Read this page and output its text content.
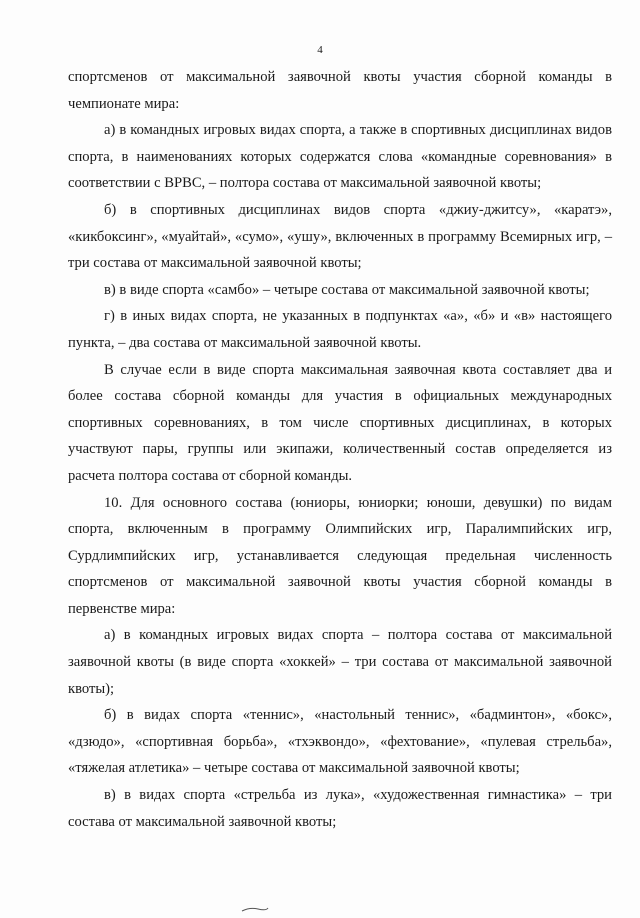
4

спортсменов от максимальной заявочной квоты участия сборной команды в чемпионате мира:

а) в командных игровых видах спорта, а также в спортивных дисциплинах видов спорта, в наименованиях которых содержатся слова «командные соревнования» в соответствии с ВРВС, – полтора состава от максимальной заявочной квоты;

б) в спортивных дисциплинах видов спорта «джиу-джитсу», «каратэ», «кикбоксинг», «муайтай», «сумо», «ушу», включенных в программу Всемирных игр, – три состава от максимальной заявочной квоты;

в) в виде спорта «самбо» – четыре состава от максимальной заявочной квоты;

г) в иных видах спорта, не указанных в подпунктах «а», «б» и «в» настоящего пункта, – два состава от максимальной заявочной квоты.

В случае если в виде спорта максимальная заявочная квота составляет два и более состава сборной команды для участия в официальных международных спортивных соревнованиях, в том числе спортивных дисциплинах, в которых участвуют пары, группы или экипажи, количественный состав определяется из расчета полтора состава от сборной команды.

10. Для основного состава (юниоры, юниорки; юноши, девушки) по видам спорта, включенным в программу Олимпийских игр, Паралимпийских игр, Сурдлимпийских игр, устанавливается следующая предельная численность спортсменов от максимальной заявочной квоты участия сборной команды в первенстве мира:

а) в командных игровых видах спорта – полтора состава от максимальной заявочной квоты (в виде спорта «хоккей» – три состава от максимальной заявочной квоты);

б) в видах спорта «теннис», «настольный теннис», «бадминтон», «бокс», «дзюдо», «спортивная борьба», «тхэквондо», «фехтование», «пулевая стрельба», «тяжелая атлетика» – четыре состава от максимальной заявочной квоты;

в) в видах спорта «стрельба из лука», «художественная гимнастика» – три состава от максимальной заявочной квоты;
